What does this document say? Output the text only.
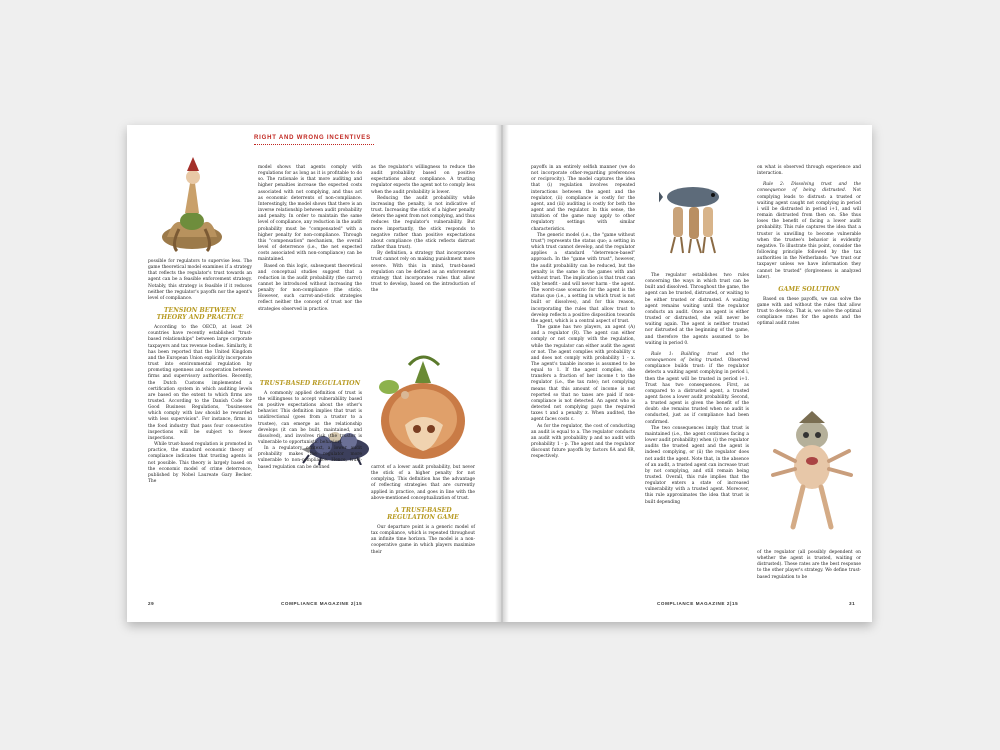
RIGHT AND WRONG INCENTIVES

possible for regulators to supervise less. The game theoretical model examines if a strategy that reflects the regulator's trust towards an agent can be a feasible enforcement strategy. Notably, this strategy is feasible if it reduces neither the regulator's payoffs nor the agent's level of compliance.

TENSION BETWEEN THEORY AND PRACTICE

According to the OECD, at least 24 countries have recently established "trust-based relationships" between large corporate taxpayers and tax revenue bodies. Similarly, it has been reported that the United Kingdom and the European Union explicitly incorporate trust into environmental regulation by promoting openness and cooperation between firms and supervisory authorities. Recently, the Dutch Customs implemented a certification system in which auditing levels are based on the extent to which firms are trusted. According to the Danish Code for Good Business Regulations, "businesses which comply with law should be rewarded with less supervision". For instance, firms in the food industry that pass four consecutive inspections will be subject to fewer inspections.

While trust-based regulation is promoted in practice, the standard economic theory of compliance indicates that trusting agents is not possible. This theory is largely based on the economic model of crime deterrence, published by Nobel Laureate Gary Becker. The

model shows that agents comply with regulations for as long as it is profitable to do so. The rationale is that more auditing and higher penalties increase the expected costs associated with not complying, and thus act as economic deterrents of non-compliance. Interestingly, the model shows that there is an inverse relationship between audit probability and penalty. In order to maintain the same level of compliance, any reduction in the audit probability must be "compensated" with a higher penalty for non-compliance. Through this "compensation" mechanism, the overall level of deterrence (i.e., the net expected costs associated with non-compliance) can be maintained.

Based on this logic, subsequent theoretical and conceptual studies suggest that a reduction in the audit probability (the carrot) cannot be introduced without increasing the penalty for non-compliance (the stick). However, such carrot-and-stick strategies reflect neither the concept of trust nor the strategies observed in practice.

TRUST-BASED REGULATION

A commonly applied definition of trust is the willingness to accept vulnerability based on positive expectations about the other's behavior. This definition implies that trust is unidirectional (goes from a trustor to a trustee), can emerge as the relationship develops (it can be built, maintained, and dissolved), and involves risk (the trustor is vulnerable to opportunistic behavior).

In a regulatory context, a lower audit probability makes the regulator more vulnerable to non-compliance. Hence, trust-based regulation can be defined

as the regulator's willingness to reduce the audit probability based on positive expectations about compliance. A trusting regulator expects the agent not to comply less when the audit probability is lower.

Reducing the audit probability while increasing the penalty, is not indicative of trust. Increasing the stick of a higher penalty deters the agent from not complying, and thus reduces the regulator's vulnerability. But more importantly, the stick responds to negative rather than positive expectations about compliance (the stick reflects distrust rather than trust).

By definition, a strategy that incorporates trust cannot rely on making punishment more severe. With this in mind, trust-based regulation can be defined as an enforcement strategy that incorporates rules that allow trust to develop, based on the introduction of the

carrot of a lower audit probability, but never the stick of a higher penalty for not complying. This definition has the advantage of reflecting strategies that are currently applied in practice, and goes in line with the above-mentioned conceptualization of trust.

A TRUST-BASED REGULATION GAME

Our departure point is a generic model of tax compliance, which is repeated throughout an infinite time horizon. The model is a non-cooperative game in which players maximize their

29	COMPLIANCE MAGAZINE 2|15

payoffs in an entirely selfish manner (we do not incorporate other-regarding preferences or reciprocity). The model captures the idea that (i) regulation involves repeated interactions between the agent and the regulator, (ii) compliance is costly for the agent, and (iii) auditing is costly for both the agent and the regulator. In this sense, the intuition of the game may apply to other regulatory settings with similar characteristics.

The generic model (i.e., the "game without trust") represents the status quo; a setting in which trust cannot develop, and the regulator applies a standard "deterrence-based" approach. In the "game with trust", however, the audit probability can be reduced, but the penalty is the same in the games with and without trust. The implication is that trust can only benefit - and will never harm - the agent. The worst-case scenario for the agent is the status quo (i.e., a setting in which trust is not built or dissolves), and for this reason, incorporating the rules that allow trust to develop reflects a positive disposition towards the agent, which is a central aspect of trust.

The game has two players, an agent (A) and a regulator (R). The agent can either comply or not comply with the regulation, while the regulator can either audit the agent or not. The agent complies with probability x and does not comply with probability 1 - x. The agent's taxable income is assumed to be equal to 1. If the agent complies, she transfers a fraction of her income t to the regulator (i.e., the tax rate); not complying means that this amount of income is not reported so that no taxes are paid if non-compliance is not detected. An agent who is detected not complying pays the required taxes t and a penalty z. When audited, the agent faces costs c.

As for the regulator, the cost of conducting an audit is equal to a. The regulator conducts an audit with probability p and no audit with probability 1 - p. The agent and the regulator discount future payoffs by factors δA and δR, respectively.

The regulator establishes two rules concerning the ways in which trust can be built and dissolved. Throughout the game, the agent can be trusted, distrusted, or waiting to be either trusted or distrusted. A waiting agent remains waiting until the regulator conducts an audit. Once an agent is either trusted or distrusted, she will never be waiting again. The agent is neither trusted nor distrusted at the beginning of the game, and therefore the agents assumed to be waiting in period 0.

Rule 1: Building trust and the consequences of being trusted. Observed compliance builds trust: if the regulator detects a waiting agent complying in period i, then the agent will be trusted in period i+1. Trust has two consequences. First, as compared to a distrusted agent, a trusted agent faces a lower audit probability. Second, a trusted agent is given the benefit of the doubt: she remains trusted when no audit is conducted, just as if compliance had been confirmed.

The two consequences imply that trust is maintained (i.e., the agent continues facing a lower audit probability) when (i) the regulator audits the trusted agent and the agent is indeed complying, or (ii) the regulator does not audit the agent. Note that, in the absence of an audit, a trusted agent can increase trust by not complying, and still remain being trusted. Overall, this rule implies that the regulator enters a state of increased vulnerability with a trusted agent. Moreover, this rule approximates the idea that trust is built depending

on what is observed through experience and interaction.

Rule 2: Dissolving trust and the consequence of being distrusted. Not complying leads to distrust: a trusted or waiting agent caught not complying in period i will be distrusted in period i+1, and will remain distrusted from then on. She thus loses the benefit of facing a lower audit probability. This rule captures the idea that a trustor is unwilling to become vulnerable when the trustee's behavior is evidently negative. To illustrate this point, consider the following principle followed by the tax authorities in the Netherlands: "we trust our taxpayer unless we have information they cannot be trusted" (forgiveness is analyzed later).

GAME SOLUTION

Based on these payoffs, we can solve the game with and without the rules that allow trust to develop. That is, we solve the optimal compliance rates for the agents and the optimal audit rates

of the regulator (all possibly dependent on whether the agent is trusted, waiting or distrusted). These rates are the best response to the other player's strategy. We define trust-based regulation to be

COMPLIANCE MAGAZINE 2|15	31
